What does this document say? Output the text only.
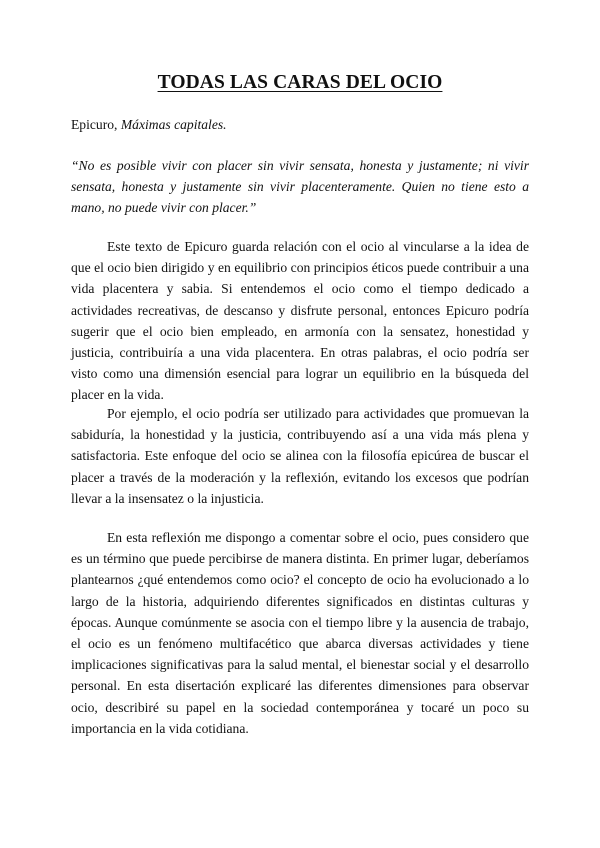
TODAS LAS CARAS DEL OCIO

Epicuro, Máximas capitales.

“No es posible vivir con placer sin vivir sensata, honesta y justamente; ni vivir sensata, honesta y justamente sin vivir placenteramente. Quien no tiene esto a mano, no puede vivir con placer.”

Este texto de Epicuro guarda relación con el ocio al vincularse a la idea de que el ocio bien dirigido y en equilibrio con principios éticos puede contribuir a una vida placentera y sabia. Si entendemos el ocio como el tiempo dedicado a actividades recreativas, de descanso y disfrute personal, entonces Epicuro podría sugerir que el ocio bien empleado, en armonía con la sensatez, honestidad y justicia, contribuiría a una vida placentera. En otras palabras, el ocio podría ser visto como una dimensión esencial para lograr un equilibrio en la búsqueda del placer en la vida.

Por ejemplo, el ocio podría ser utilizado para actividades que promuevan la sabiduría, la honestidad y la justicia, contribuyendo así a una vida más plena y satisfactoria. Este enfoque del ocio se alinea con la filosofía epicúrea de buscar el placer a través de la moderación y la reflexión, evitando los excesos que podrían llevar a la insensatez o la injusticia.

En esta reflexión me dispongo a comentar sobre el ocio, pues considero que es un término que puede percibirse de manera distinta. En primer lugar, deberíamos plantearnos ¿qué entendemos como ocio? el concepto de ocio ha evolucionado a lo largo de la historia, adquiriendo diferentes significados en distintas culturas y épocas. Aunque comúnmente se asocia con el tiempo libre y la ausencia de trabajo, el ocio es un fenómeno multifacético que abarca diversas actividades y tiene implicaciones significativas para la salud mental, el bienestar social y el desarrollo personal. En esta disertación explicaré las diferentes dimensiones para observar ocio, describiré su papel en la sociedad contemporánea y tocaré un poco su importancia en la vida cotidiana.
